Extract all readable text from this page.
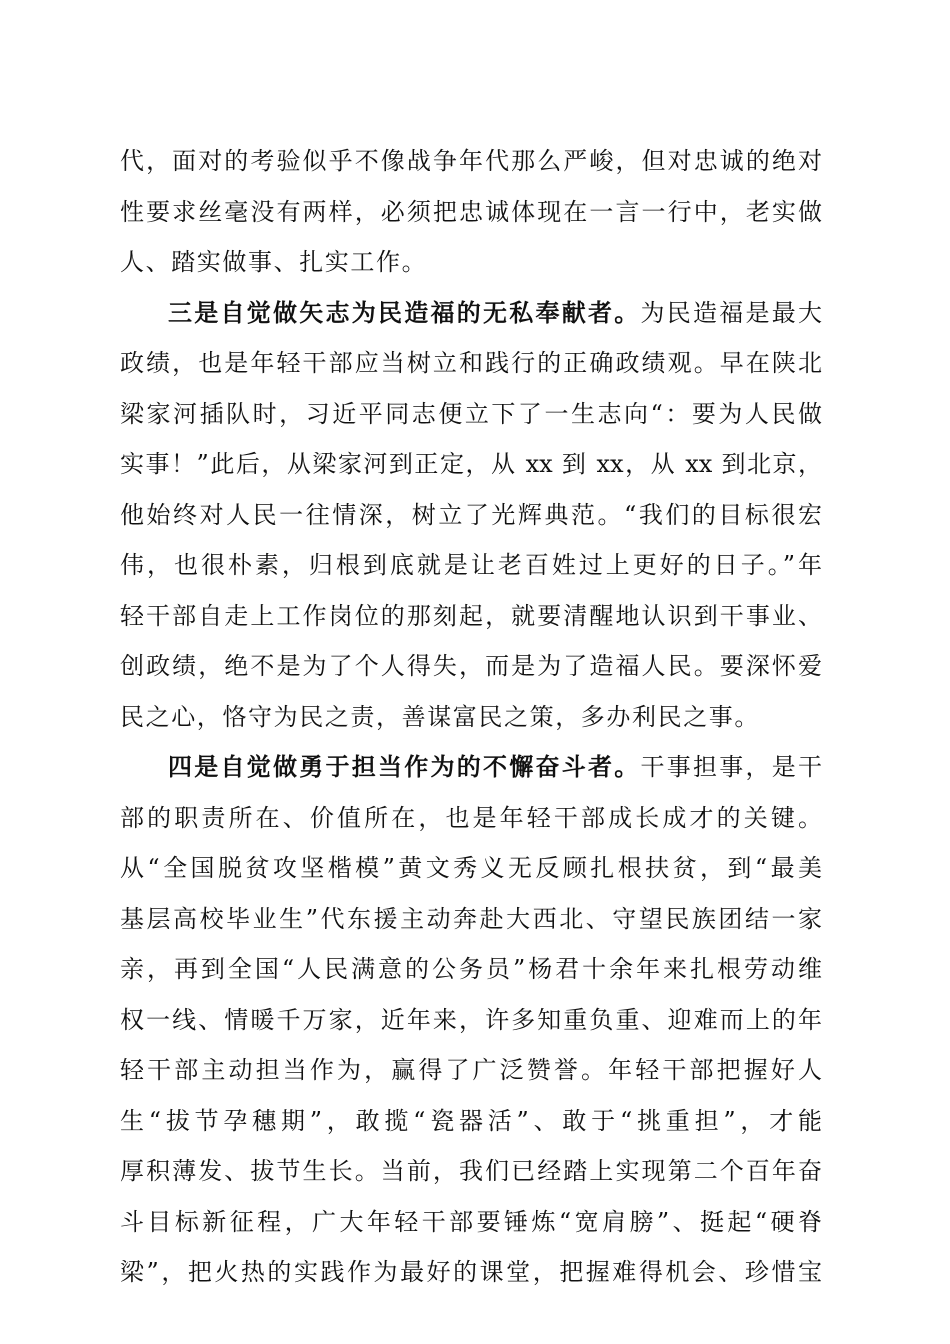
代，面对的考验似乎不像战争年代那么严峻，但对忠诚的绝对
性要求丝毫没有两样，必须把忠诚体现在一言一行中，老实做
人、踏实做事、扎实工作。
三是自觉做矢志为民造福的无私奉献者。为民造福是最大
政绩，也是年轻干部应当树立和践行的正确政绩观。早在陕北
梁家河插队时，习近平同志便立下了一生志向“：要为人民做
实事！”此后，从梁家河到正定，从 xx 到 xx，从 xx 到北京，
他始终对人民一往情深，树立了光辉典范。“我们的目标很宏
伟，也很朴素，归根到底就是让老百姓过上更好的日子。”年
轻干部自走上工作岗位的那刻起，就要清醒地认识到干事业、
创政绩，绝不是为了个人得失，而是为了造福人民。要深怀爱
民之心，恪守为民之责，善谋富民之策，多办利民之事。
四是自觉做勇于担当作为的不懈奋斗者。干事担事，是干
部的职责所在、价值所在，也是年轻干部成长成才的关键。
从“全国脱贫攻坚楷模”黄文秀义无反顾扎根扶贫，到“最美
基层高校毕业生”代东援主动奔赴大西北、守望民族团结一家
亲，再到全国“人民满意的公务员”杨君十余年来扎根劳动维
权一线、情暖千万家，近年来，许多知重负重、迎难而上的年
轻干部主动担当作为，赢得了广泛赞誉。年轻干部把握好人
生“拔节孕穗期”，敢揽“瓷器活”、敢于“挑重担”，才能
厚积薄发、拔节生长。当前，我们已经踏上实现第二个百年奋
斗目标新征程，广大年轻干部要锤炼“宽肩膀”、挺起“硬脊
梁”，把火热的实践作为最好的课堂，把握难得机会、珍惜宝
